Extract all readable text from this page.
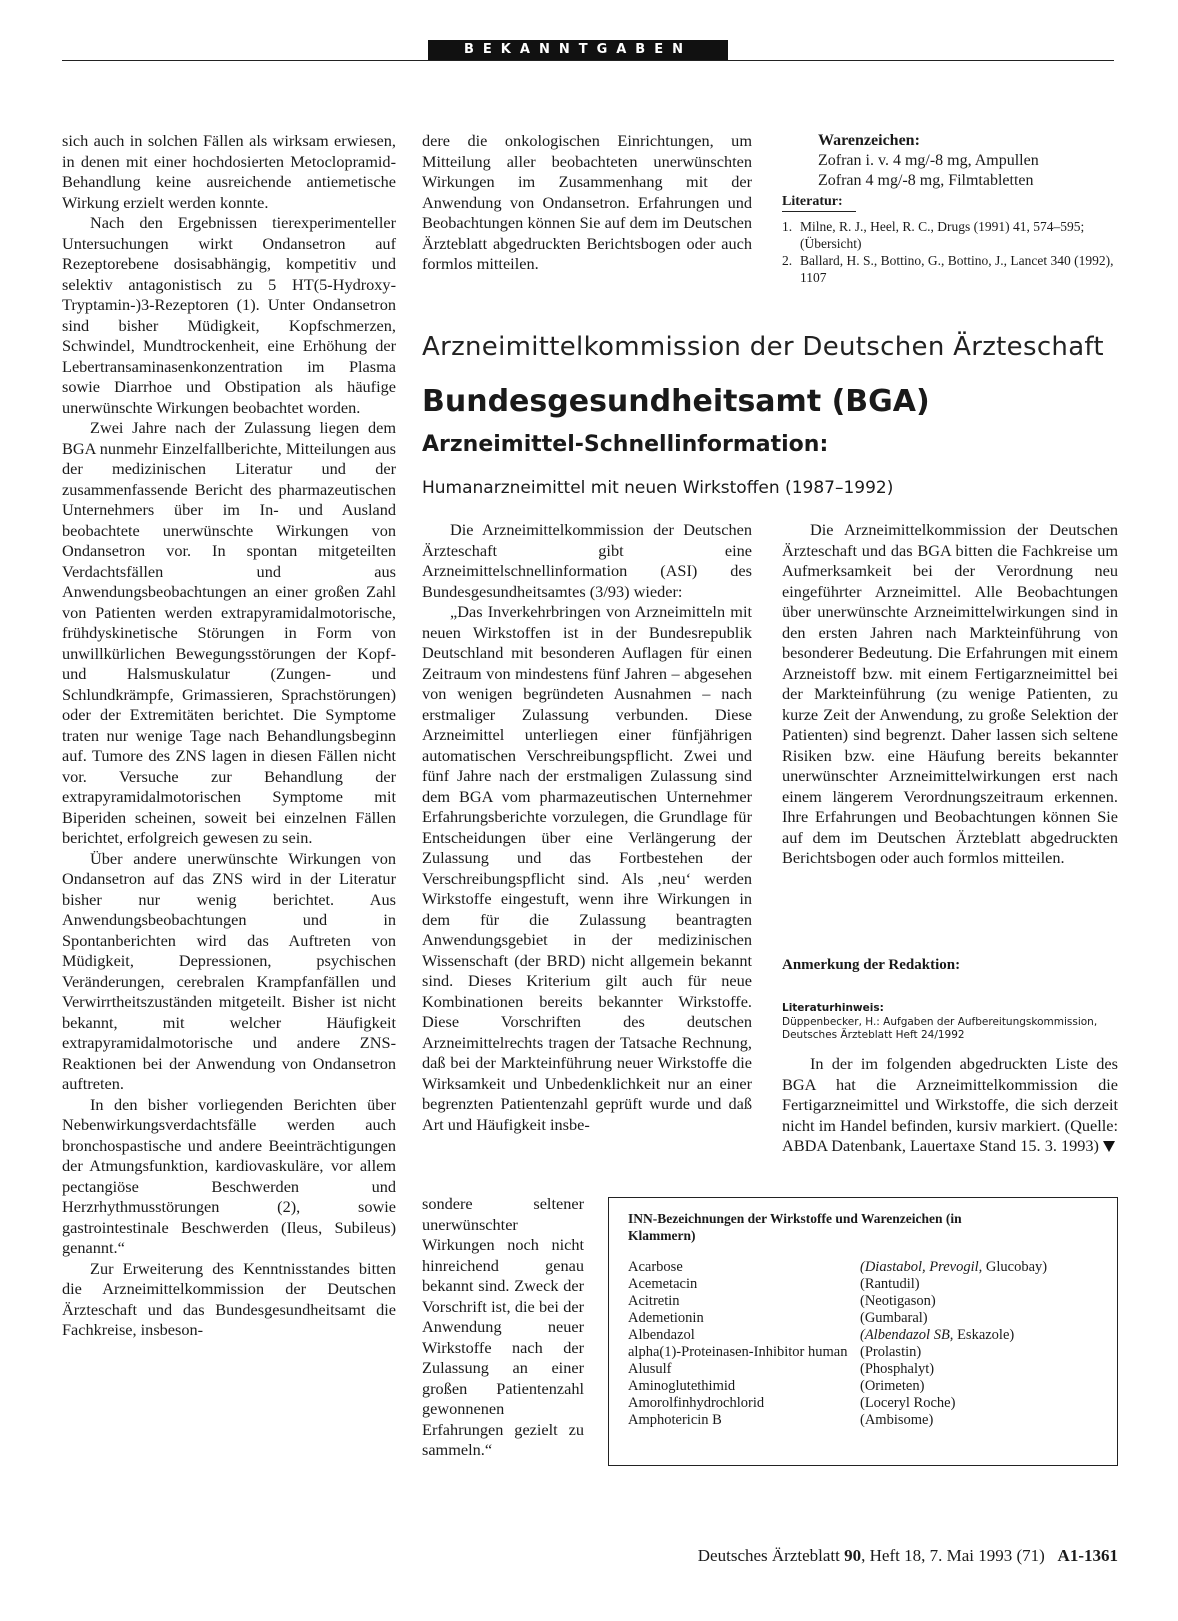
BEKANNTGABEN

sich auch in solchen Fällen als wirksam erwiesen, in denen mit einer hochdosierten Metoclopramid-Behandlung keine ausreichende antiemetische Wirkung erzielt werden konnte.

Nach den Ergebnissen tierexperimenteller Untersuchungen wirkt Ondansetron auf Rezeptorebene dosisabhängig, kompetitiv und selektiv antagonistisch zu 5 HT(5-Hydroxy-Tryptamin-)3-Rezeptoren (1). Unter Ondansetron sind bisher Müdigkeit, Kopfschmerzen, Schwindel, Mundtrockenheit, eine Erhöhung der Lebertransaminasenkonzentration im Plasma sowie Diarrhoe und Obstipation als häufige unerwünschte Wirkungen beobachtet worden.

Zwei Jahre nach der Zulassung liegen dem BGA nunmehr Einzelfallberichte, Mitteilungen aus der medizinischen Literatur und der zusammenfassende Bericht des pharmazeutischen Unternehmers über im In- und Ausland beobachtete unerwünschte Wirkungen von Ondansetron vor. In spontan mitgeteilten Verdachtsfällen und aus Anwendungsbeobachtungen an einer großen Zahl von Patienten werden extrapyramidalmotorische, frühdyskinetische Störungen in Form von unwillkürlichen Bewegungsstörungen der Kopf- und Halsmuskulatur (Zungen- und Schlundkrämpfe, Grimassieren, Sprachstörungen) oder der Extremitäten berichtet. Die Symptome traten nur wenige Tage nach Behandlungsbeginn auf. Tumore des ZNS lagen in diesen Fällen nicht vor. Versuche zur Behandlung der extrapyramidalmotorischen Symptome mit Biperiden scheinen, soweit bei einzelnen Fällen berichtet, erfolgreich gewesen zu sein.

Über andere unerwünschte Wirkungen von Ondansetron auf das ZNS wird in der Literatur bisher nur wenig berichtet. Aus Anwendungsbeobachtungen und in Spontanberichten wird das Auftreten von Müdigkeit, Depressionen, psychischen Veränderungen, cerebralen Krampfanfällen und Verwirrtheitszuständen mitgeteilt. Bisher ist nicht bekannt, mit welcher Häufigkeit extrapyramidalmotorische und andere ZNS-Reaktionen bei der Anwendung von Ondansetron auftreten.

In den bisher vorliegenden Berichten über Nebenwirkungsverdachtsfälle werden auch bronchospastische und andere Beeinträchtigungen der Atmungsfunktion, kardiovaskuläre, vor allem pectangiöse Beschwerden und Herzrhythmusstörungen (2), sowie gastrointestinale Beschwerden (Ileus, Subileus) genannt.“

Zur Erweiterung des Kenntnisstandes bitten die Arzneimittelkommission der Deutschen Ärzteschaft und das Bundesgesundheitsamt die Fachkreise, insbeson-

dere die onkologischen Einrichtungen, um Mitteilung aller beobachteten unerwünschten Wirkungen im Zusammenhang mit der Anwendung von Ondansetron. Erfahrungen und Beobachtungen können Sie auf dem im Deutschen Ärzteblatt abgedruckten Berichtsbogen oder auch formlos mitteilen.

Warenzeichen:
Zofran i. v. 4 mg/-8 mg, Ampullen
Zofran 4 mg/-8 mg, Filmtabletten
Literatur:
1. Milne, R. J., Heel, R. C., Drugs (1991) 41, 574–595; (Übersicht)
2. Ballard, H. S., Bottino, G., Bottino, J., Lancet 340 (1992), 1107
Arzneimittelkommission der Deutschen Ärzteschaft
Bundesgesundheitsamt (BGA)
Arzneimittel-Schnellinformation:
Humanarzneimittel mit neuen Wirkstoffen (1987–1992)

Die Arzneimittelkommission der Deutschen Ärzteschaft gibt eine Arzneimittelschnellinformation (ASI) des Bundesgesundheitsamtes (3/93) wieder:

„Das Inverkehrbringen von Arzneimitteln mit neuen Wirkstoffen ist in der Bundesrepublik Deutschland mit besonderen Auflagen für einen Zeitraum von mindestens fünf Jahren – abgesehen von wenigen begründeten Ausnahmen – nach erstmaliger Zulassung verbunden. Diese Arzneimittel unterliegen einer fünfjährigen automatischen Verschreibungspflicht. Zwei und fünf Jahre nach der erstmaligen Zulassung sind dem BGA vom pharmazeutischen Unternehmer Erfahrungsberichte vorzulegen, die Grundlage für Entscheidungen über eine Verlängerung der Zulassung und das Fortbestehen der Verschreibungspflicht sind. Als ‚neu‘ werden Wirkstoffe eingestuft, wenn ihre Wirkungen in dem für die Zulassung beantragten Anwendungsgebiet in der medizinischen Wissenschaft (der BRD) nicht allgemein bekannt sind. Dieses Kriterium gilt auch für neue Kombinationen bereits bekannter Wirkstoffe. Diese Vorschriften des deutschen Arzneimittelrechts tragen der Tatsache Rechnung, daß bei der Markteinführung neuer Wirkstoffe die Wirksamkeit und Unbedenklichkeit nur an einer begrenzten Patientenzahl geprüft wurde und daß Art und Häufigkeit insbe-

sondere seltener unerwünschter Wirkungen noch nicht hinreichend genau bekannt sind. Zweck der Vorschrift ist, die bei der Anwendung neuer Wirkstoffe nach der Zulassung an einer großen Patientenzahl gewonnenen Erfahrungen gezielt zu sammeln.“

Die Arzneimittelkommission der Deutschen Ärzteschaft und das BGA bitten die Fachkreise um Aufmerksamkeit bei der Verordnung neu eingeführter Arzneimittel. Alle Beobachtungen über unerwünschte Arzneimittelwirkungen sind in den ersten Jahren nach Markteinführung von besonderer Bedeutung. Die Erfahrungen mit einem Arzneistoff bzw. mit einem Fertigarzneimittel bei der Markteinführung (zu wenige Patienten, zu kurze Zeit der Anwendung, zu große Selektion der Patienten) sind begrenzt. Daher lassen sich seltene Risiken bzw. eine Häufung bereits bekannter unerwünschter Arzneimittelwirkungen erst nach einem längerem Verordnungszeitraum erkennen. Ihre Erfahrungen und Beobachtungen können Sie auf dem im Deutschen Ärzteblatt abgedruckten Berichtsbogen oder auch formlos mitteilen.

Anmerkung der Redaktion:
Literaturhinweis:
Düppenbecker, H.: Aufgaben der Aufbereitungskommission, Deutsches Ärzteblatt Heft 24/1992

In der im folgenden abgedruckten Liste des BGA hat die Arzneimittelkommission die Fertigarzneimittel und Wirkstoffe, die sich derzeit nicht im Handel befinden, kursiv markiert. (Quelle: ABDA Datenbank, Lauertaxe Stand 15. 3. 1993)

INN-Bezeichnungen der Wirkstoffe und Warenzeichen (in Klammern)
Acarbose	(Diastabol, Prevogil, Glucobay)
Acemetacin	(Rantudil)
Acitretin	(Neotigason)
Ademetionin	(Gumbaral)
Albendazol	(Albendazol SB, Eskazole)
alpha(1)-Proteinasen-Inhibitor human (Prolastin)
Alusulf	(Phosphalyt)
Aminoglutethimid	(Orimeten)
Amorolfinhydrochlorid	(Loceryl Roche)
Amphotericin B	(Ambisome)
Deutsches Ärzteblatt 90, Heft 18, 7. Mai 1993 (71) A1-1361
